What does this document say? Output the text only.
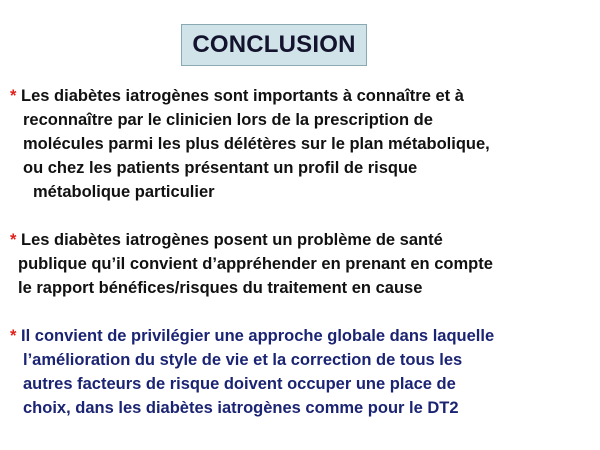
CONCLUSION
* Les diabètes iatrogènes sont importants à connaître et à
reconnaître par le clinicien lors de la prescription de
molécules parmi les plus délétères sur le plan métabolique,
ou chez les patients présentant un profil de risque
métabolique particulier
* Les diabètes iatrogènes posent un problème de santé
publique qu’il convient d’appréhender en prenant en compte
le rapport bénéfices/risques du traitement en cause
* Il convient de privilégier une approche globale dans laquelle
l’amélioration du style de vie et la correction de tous les
autres facteurs de risque doivent occuper une place de
choix, dans les diabètes iatrogènes comme pour le DT2
